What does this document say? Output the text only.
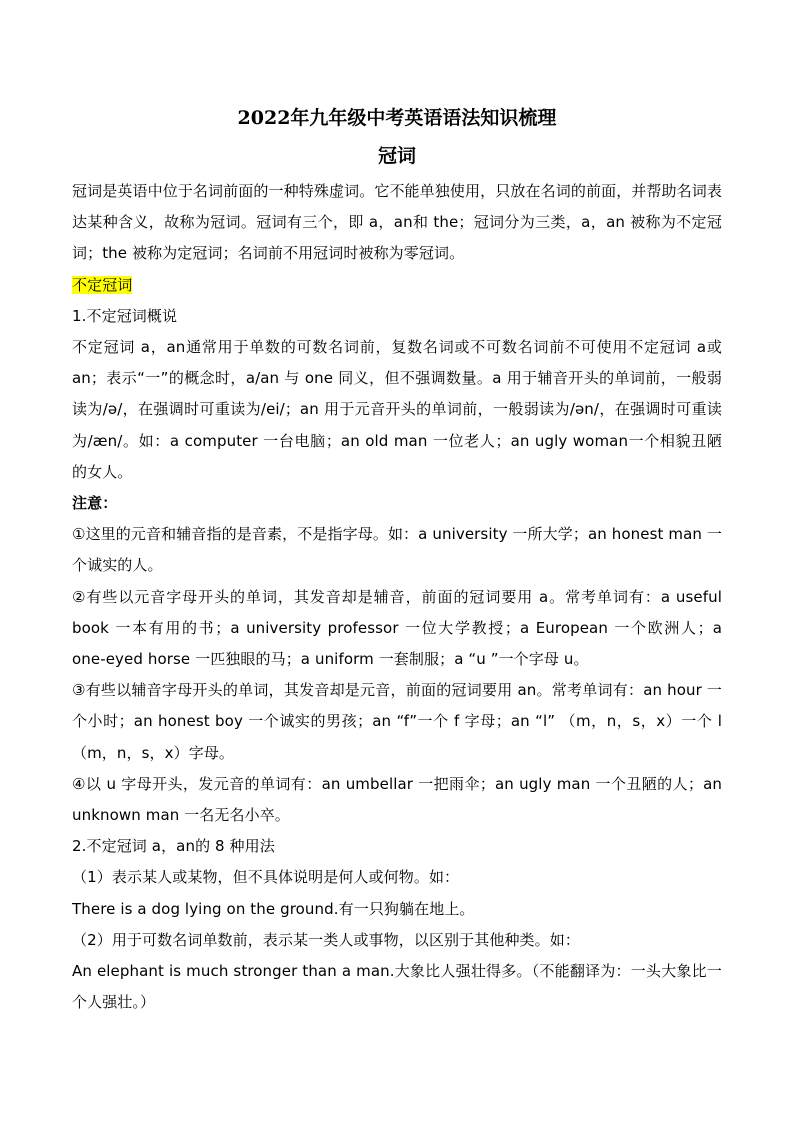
2022年九年级中考英语语法知识梳理
冠词

冠词是英语中位于名词前面的一种特殊虚词。它不能单独使用，只放在名词的前面，并帮助名词表达某种含义，故称为冠词。冠词有三个，即 a，an和 the；冠词分为三类，a，an 被称为不定冠词；the 被称为定冠词；名词前不用冠词时被称为零冠词。

不定冠词

1.不定冠词概说

不定冠词 a，an通常用于单数的可数名词前，复数名词或不可数名词前不可使用不定冠词 a或 an；表示“一”的概念时，a/an 与 one 同义，但不强调数量。a 用于辅音开头的单词前，一般弱读为/ə/，在强调时可重读为/ei/；an 用于元音开头的单词前，一般弱读为/ən/，在强调时可重读为/æn/。如：a computer 一台电脑；an old man 一位老人；an ugly woman一个相貌丑陋的女人。

注意：

①这里的元音和辅音指的是音素，不是指字母。如：a university 一所大学；an honest man 一个诚实的人。

②有些以元音字母开头的单词，其发音却是辅音，前面的冠词要用 a。常考单词有：a useful book 一本有用的书；a university professor 一位大学教授；a European 一个欧洲人；a one-eyed horse 一匹独眼的马；a uniform 一套制服；a “u ”一个字母 u。

③有些以辅音字母开头的单词，其发音却是元音，前面的冠词要用 an。常考单词有：an hour 一个小时；an honest boy 一个诚实的男孩；an “f”一个 f 字母；an “l” （m，n，s，x）一个 l（m，n，s，x）字母。

④以 u 字母开头，发元音的单词有：an umbellar 一把雨伞；an ugly man 一个丑陋的人；an unknown man 一名无名小卒。

2.不定冠词 a，an的 8 种用法

（1）表示某人或某物，但不具体说明是何人或何物。如：

There is a dog lying on the ground.有一只狗躺在地上。

（2）用于可数名词单数前，表示某一类人或事物，以区别于其他种类。如：

An elephant is much stronger than a man.大象比人强壮得多。（不能翻译为：一头大象比一个人强壮。）
